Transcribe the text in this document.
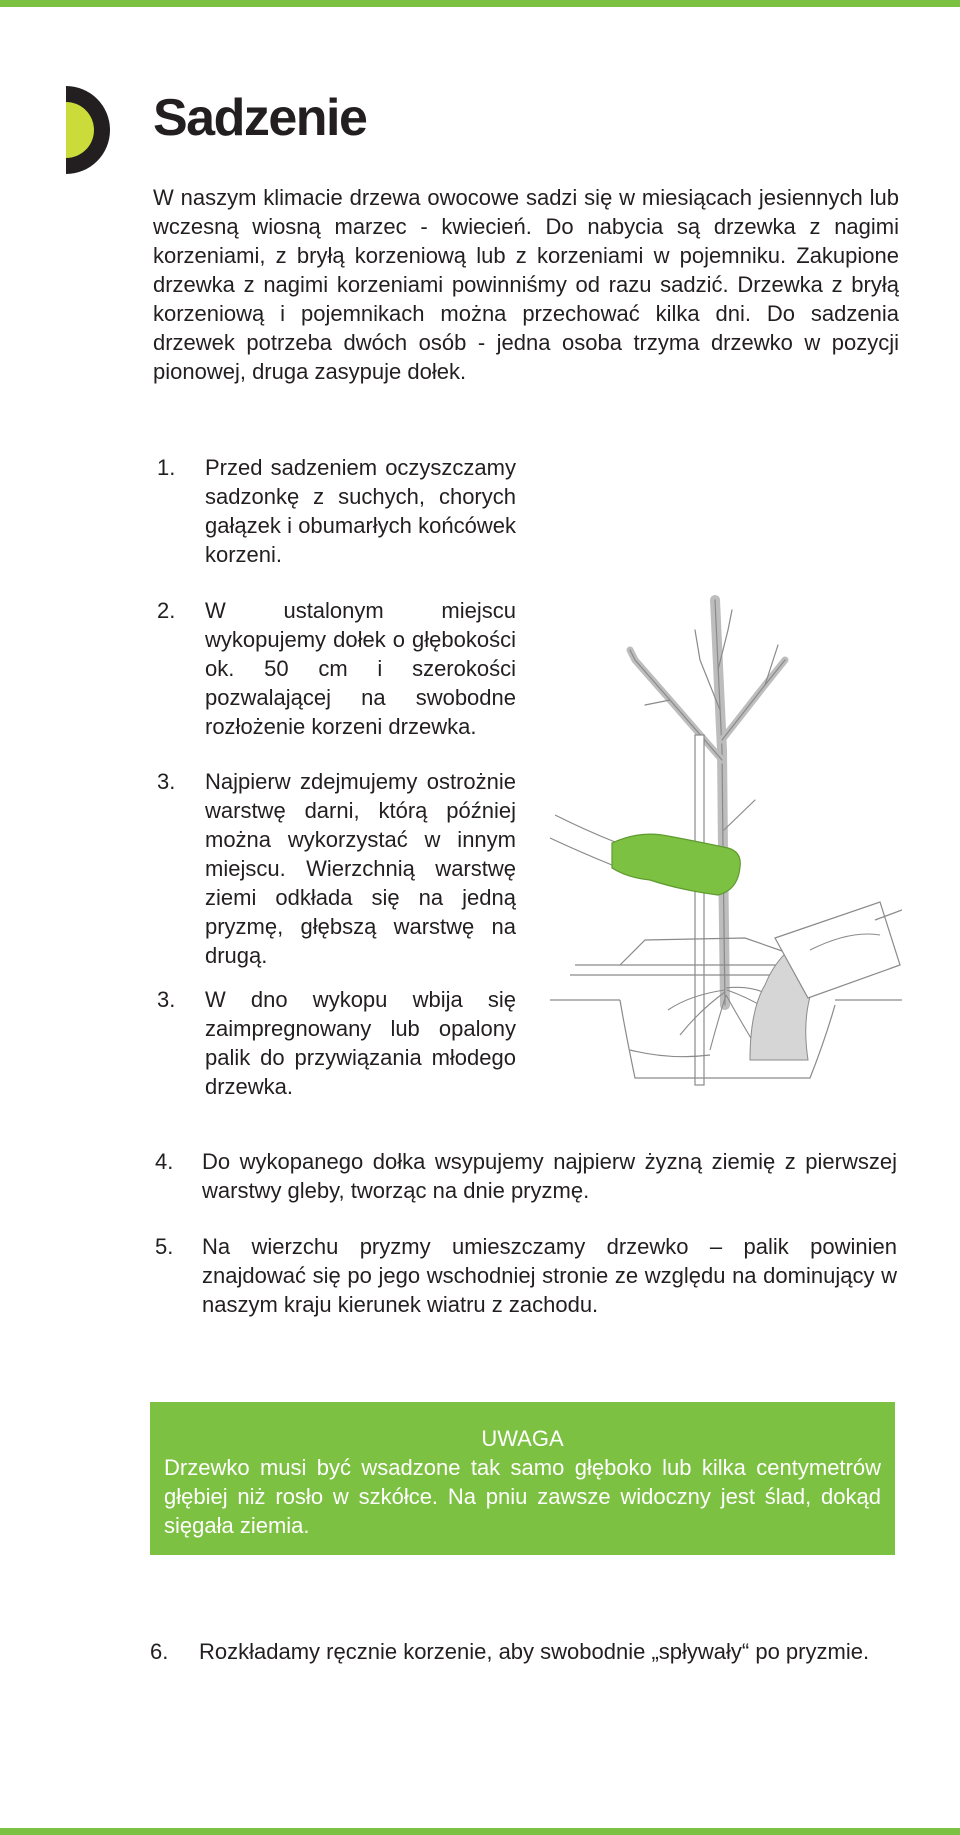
Sadzenie

W naszym klimacie drzewa owocowe sadzi się w miesiącach jesiennych lub wczesną wiosną marzec - kwiecień. Do nabycia są drzewka z nagimi korzeniami, z bryłą korzeniową lub z korzeniami w pojemniku. Zakupione drzewka z nagimi korzeniami powinniśmy od razu sadzić. Drzewka z bryłą korzeniową i pojemnikach można przechować kilka dni. Do sadzenia drzewek potrzeba dwóch osób - jedna osoba trzyma drzewko w pozycji pionowej, druga zasypuje dołek.

1. Przed sadzeniem oczyszczamy sadzonkę z suchych, chorych gałązek i obumarłych końcówek korzeni.
2. W ustalonym miejscu wykopujemy dołek o głębokości ok. 50 cm i szerokości pozwalającej na swobodne rozłożenie korzeni drzewka.
3. Najpierw zdejmujemy ostrożnie warstwę darni, którą później można wykorzystać w innym miejscu. Wierzchnią warstwę ziemi odkłada się na jedną pryzmę, głębszą warstwę na drugą.
3. W dno wykopu wbija się zaimpregnowany lub opalony palik do przywiązania młodego drzewka.
4. Do wykopanego dołka wsypujemy najpierw żyzną ziemię z pierwszej warstwy gleby, tworząc na dnie pryzmę.
5. Na wierzchu pryzmy umieszczamy drzewko – palik powinien znajdować się po jego wschodniej stronie ze względu na dominujący w naszym kraju kierunek wiatru z zachodu.
UWAGA
Drzewko musi być wsadzone tak samo głęboko lub kilka centymetrów głębiej niż rosło w szkółce. Na pniu zawsze widoczny jest ślad, dokąd sięgała ziemia.
6. Rozkładamy ręcznie korzenie, aby swobodnie „spływały“ po pryzmie.
